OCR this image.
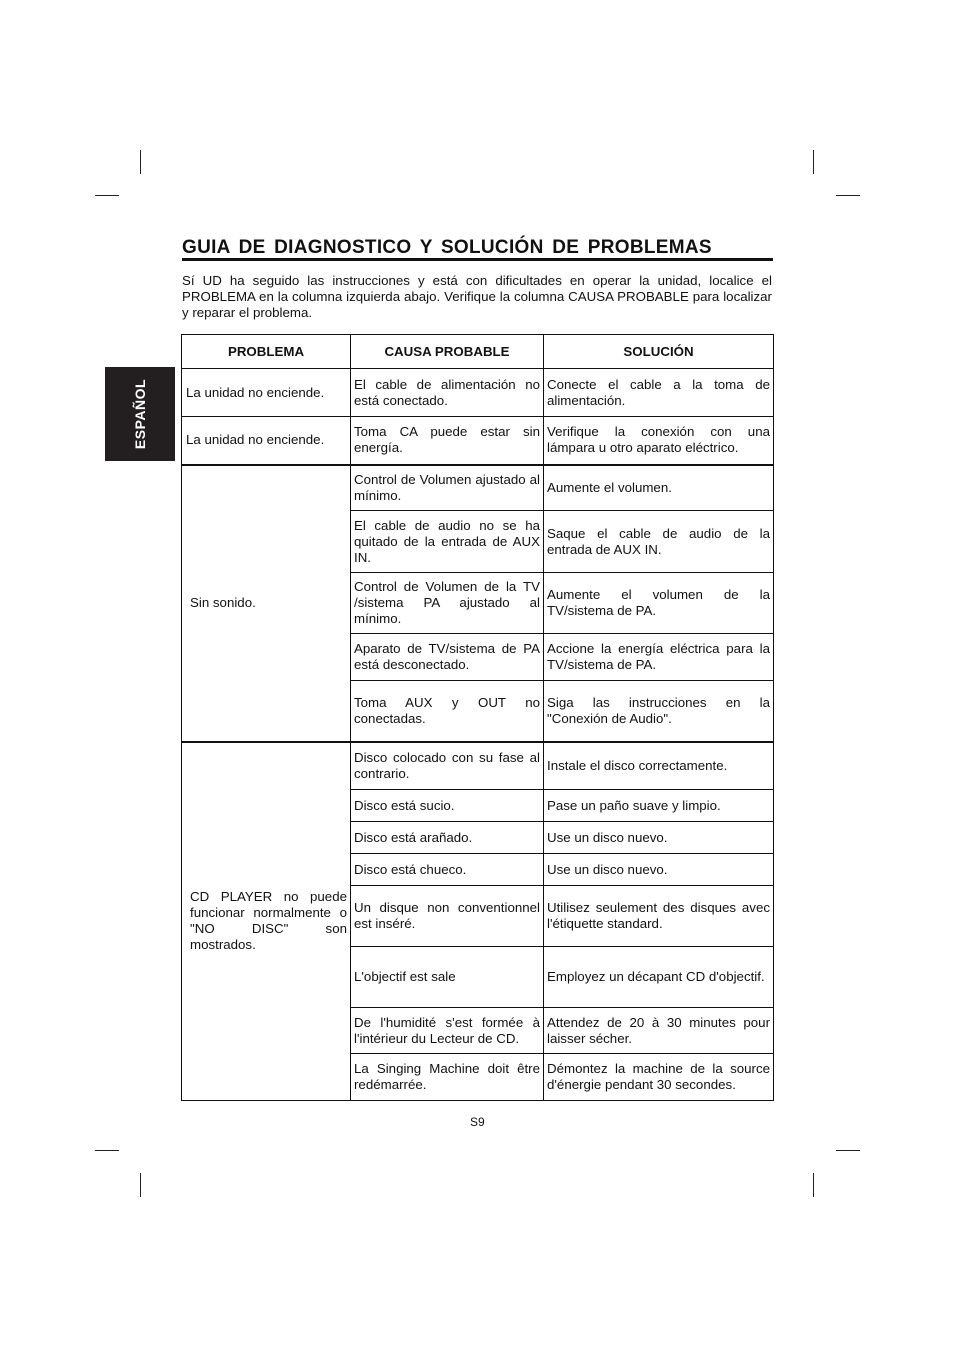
ESPAÑOL
GUIA DE DIAGNOSTICO Y SOLUCIÓN DE PROBLEMAS

Sí UD ha seguido las instrucciones y está con dificultades en operar la unidad, localice el PROBLEMA en la columna izquierda abajo. Verifique la columna CAUSA PROBABLE para localizar y reparar el problema.

PROBLEMA	CAUSA PROBABLE	SOLUCIÓN
La unidad no enciende.	El cable de alimentación no está conectado.	Conecte el cable a la toma de alimentación.
La unidad no enciende.	Toma CA puede estar sin energía.	Verifique la conexión con una lámpara u otro aparato eléctrico.
Sin sonido.	Control de Volumen ajustado al mínimo.	Aumente el volumen.
	El cable de audio no se ha quitado de la entrada de AUX IN.	Saque el cable de audio de la entrada de AUX IN.
	Control de Volumen de la TV /sistema PA ajustado al mínimo.	Aumente el volumen de la TV/sistema de PA.
	Aparato de TV/sistema de PA está desconectado.	Accione la energía eléctrica para la TV/sistema de PA.
	Toma AUX y OUT no conectadas.	Siga las instrucciones en la "Conexión de Audio".
CD PLAYER no puede funcionar normalmente o "NO DISC" son mostrados.	Disco colocado con su fase al contrario.	Instale el disco correctamente.
	Disco está sucio.	Pase un paño suave y limpio.
	Disco está arañado.	Use un disco nuevo.
	Disco está chueco.	Use un disco nuevo.
	Un disque non conventionnel est inséré.	Utilisez seulement des disques avec l'étiquette standard.
	L'objectif est sale	Employez un décapant CD d'objectif.
	De l'humidité s'est formée à l'intérieur du Lecteur de CD.	Attendez de 20 à 30 minutes pour laisser sécher.
	La Singing Machine doit être redémarrée.	Démontez la machine de la source d'énergie pendant 30 secondes.
S9
